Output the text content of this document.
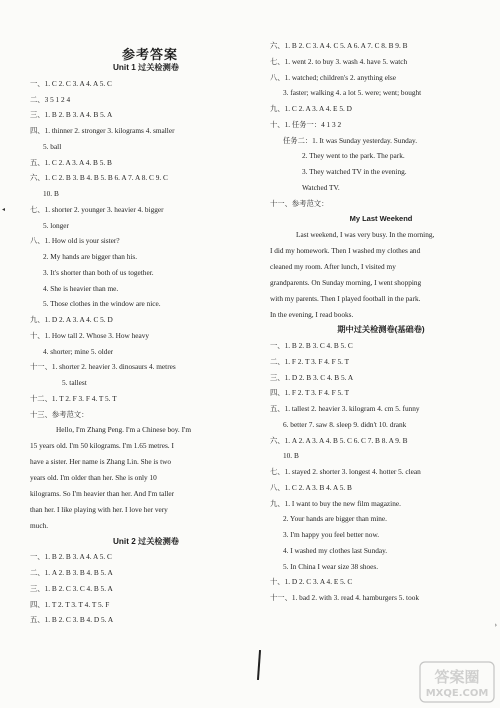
参考答案
Unit 1 过关检测卷
一、1. C 2. C 3. A 4. A 5. C
二、3 5 1 2 4
三、1. B 2. B 3. A 4. B 5. A
四、1. thinner 2. stronger 3. kilograms 4. smaller
5. ball
五、1. C 2. A 3. A 4. B 5. B
六、1. C 2. B 3. B 4. B 5. B 6. A 7. A 8. C 9. C
10. B
七、1. shorter 2. younger 3. heavier 4. bigger
5. longer
八、1. How old is your sister?
2. My hands are bigger than his.
3. It's shorter than both of us together.
4. She is heavier than me.
5. Those clothes in the window are nice.
九、1. D 2. A 3. A 4. C 5. D
十、1. How tall 2. Whose 3. How heavy
4. shorter; mine 5. older
十一、1. shorter 2. heavier 3. dinosaurs 4. metres
5. tallest
十二、1. T 2. F 3. F 4. T 5. T
十三、参考范文：
Hello, I'm Zhang Peng. I'm a Chinese boy. I'm
15 years old. I'm 50 kilograms. I'm 1.65 metres. I
have a sister. Her name is Zhang Lin. She is two
years old. I'm older than her. She is only 10
kilograms. So I'm heavier than her. And I'm taller
than her. I like playing with her. I love her very
much.
Unit 2 过关检测卷
一、1. B 2. B 3. A 4. A 5. C
二、1. A 2. B 3. B 4. B 5. A
三、1. B 2. C 3. C 4. B 5. A
四、1. T 2. T 3. T 4. T 5. F
五、1. B 2. C 3. B 4. D 5. A
六、1. B 2. C 3. A 4. C 5. A 6. A 7. C 8. B 9. B
七、1. went 2. to buy 3. wash 4. have 5. watch
八、1. watched; children's 2. anything else
3. faster; walking 4. a lot 5. were; went; bought
九、1. C 2. A 3. A 4. E 5. D
十、1. 任务一：4 1 3 2
任务二：1. It was Sunday yesterday. Sunday.
2. They went to the park. The park.
3. They watched TV in the evening.
Watched TV.
十一、参考范文：
My Last Weekend
Last weekend, I was very busy. In the morning,
I did my homework. Then I washed my clothes and
cleaned my room. After lunch, I visited my
grandparents. On Sunday morning, I went shopping
with my parents. Then I played football in the park.
In the evening, I read books.
期中过关检测卷(基础卷)
一、1. B 2. B 3. C 4. B 5. C
二、1. F 2. T 3. F 4. F 5. T
三、1. D 2. B 3. C 4. B 5. A
四、1. F 2. T 3. F 4. F 5. T
五、1. tallest 2. heavier 3. kilogram 4. cm 5. funny
6. better 7. saw 8. sleep 9. didn't 10. drank
六、1. A 2. A 3. A 4. B 5. C 6. C 7. B 8. A 9. B
10. B
七、1. stayed 2. shorter 3. longest 4. hotter 5. clean
八、1. C 2. A 3. B 4. A 5. B
九、1. I want to buy the new film magazine.
2. Your hands are bigger than mine.
3. I'm happy you feel better now.
4. I washed my clothes last Sunday.
5. In China I wear size 38 shoes.
十、1. D 2. C 3. A 4. E 5. C
十一、1. bad 2. with 3. read 4. hamburgers 5. took
◂
›
答案圈
MXQE.COM
